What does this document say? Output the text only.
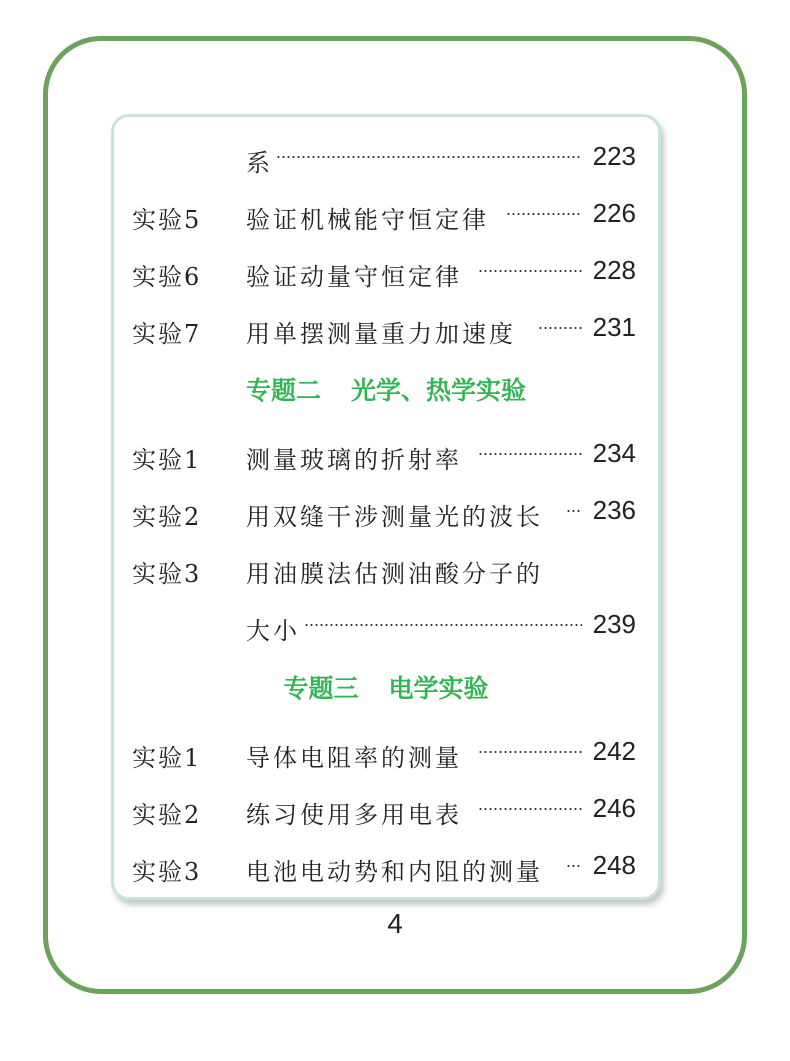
系	223
实验5	验证机械能守恒定律	226
实验6	验证动量守恒定律	228
实验7	用单摆测量重力加速度	231
专题二 光学、热学实验
实验1	测量玻璃的折射率	234
实验2	用双缝干涉测量光的波长 236
实验3	用油膜法估测油酸分子的
大小	239
专题三 电学实验
实验1	导体电阻率的测量	242
实验2	练习使用多用电表	246
实验3	电池电动势和内阻的测量 248
4
